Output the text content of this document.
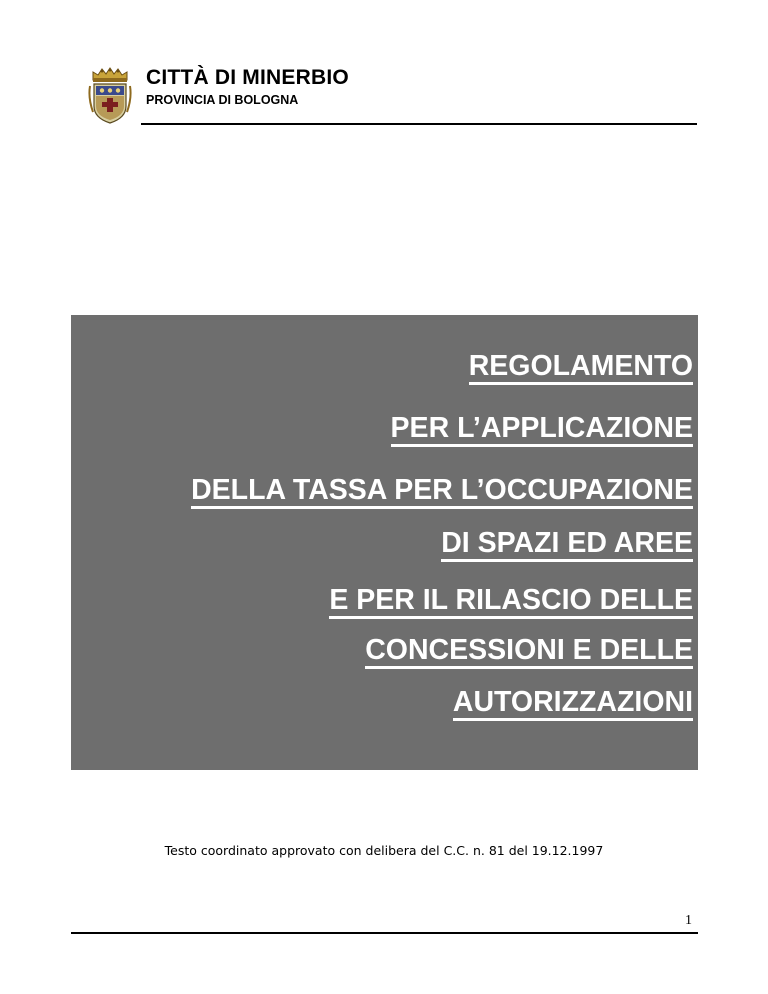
CITTÀ DI MINERBIO
PROVINCIA DI BOLOGNA
REGOLAMENTO
PER L’APPLICAZIONE
DELLA TASSA PER L’OCCUPAZIONE
DI SPAZI ED AREE
E PER IL RILASCIO DELLE
CONCESSIONI E DELLE
AUTORIZZAZIONI
Testo coordinato approvato con delibera del C.C. n. 81 del 19.12.1997
1
